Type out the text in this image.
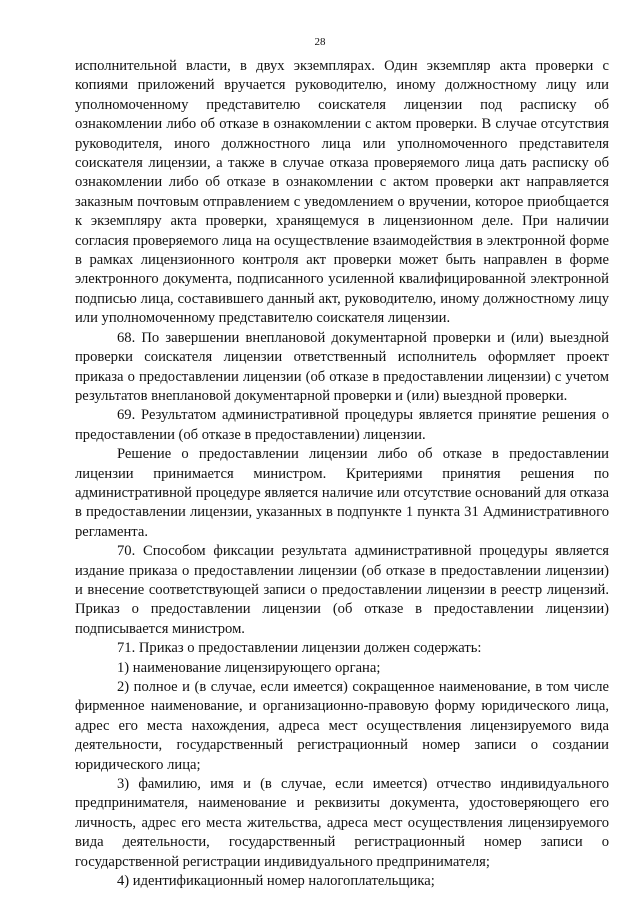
28

исполнительной власти, в двух экземплярах. Один экземпляр акта проверки с копиями приложений вручается руководителю, иному должностному лицу или уполномоченному представителю соискателя лицензии под расписку об ознакомлении либо об отказе в ознакомлении с актом проверки. В случае отсутствия руководителя, иного должностного лица или уполномоченного представителя соискателя лицензии, а также в случае отказа проверяемого лица дать расписку об ознакомлении либо об отказе в ознакомлении с актом проверки акт направляется заказным почтовым отправлением с уведомлением о вручении, которое приобщается к экземпляру акта проверки, хранящемуся в лицензионном деле. При наличии согласия проверяемого лица на осуществление взаимодействия в электронной форме в рамках лицензионного контроля акт проверки может быть направлен в форме электронного документа, подписанного усиленной квалифицированной электронной подписью лица, составившего данный акт, руководителю, иному должностному лицу или уполномоченному представителю соискателя лицензии.

68. По завершении внеплановой документарной проверки и (или) выездной проверки соискателя лицензии ответственный исполнитель оформляет проект приказа о предоставлении лицензии (об отказе в предоставлении лицензии) с учетом результатов внеплановой документарной проверки и (или) выездной проверки.

69. Результатом административной процедуры является принятие решения о предоставлении (об отказе в предоставлении) лицензии.

Решение о предоставлении лицензии либо об отказе в предоставлении лицензии принимается министром. Критериями принятия решения по административной процедуре является наличие или отсутствие оснований для отказа в предоставлении лицензии, указанных в подпункте 1 пункта 31 Административного регламента.

70. Способом фиксации результата административной процедуры является издание приказа о предоставлении лицензии (об отказе в предоставлении лицензии) и внесение соответствующей записи о предоставлении лицензии в реестр лицензий. Приказ о предоставлении лицензии (об отказе в предоставлении лицензии) подписывается министром.

71. Приказ о предоставлении лицензии должен содержать:

1) наименование лицензирующего органа;

2) полное и (в случае, если имеется) сокращенное наименование, в том числе фирменное наименование, и организационно-правовую форму юридического лица, адрес его места нахождения, адреса мест осуществления лицензируемого вида деятельности, государственный регистрационный номер записи о создании юридического лица;

3) фамилию, имя и (в случае, если имеется) отчество индивидуального предпринимателя, наименование и реквизиты документа, удостоверяющего его личность, адрес его места жительства, адреса мест осуществления лицензируемого вида деятельности, государственный регистрационный номер записи о государственной регистрации индивидуального предпринимателя;

4) идентификационный номер налогоплательщика;
